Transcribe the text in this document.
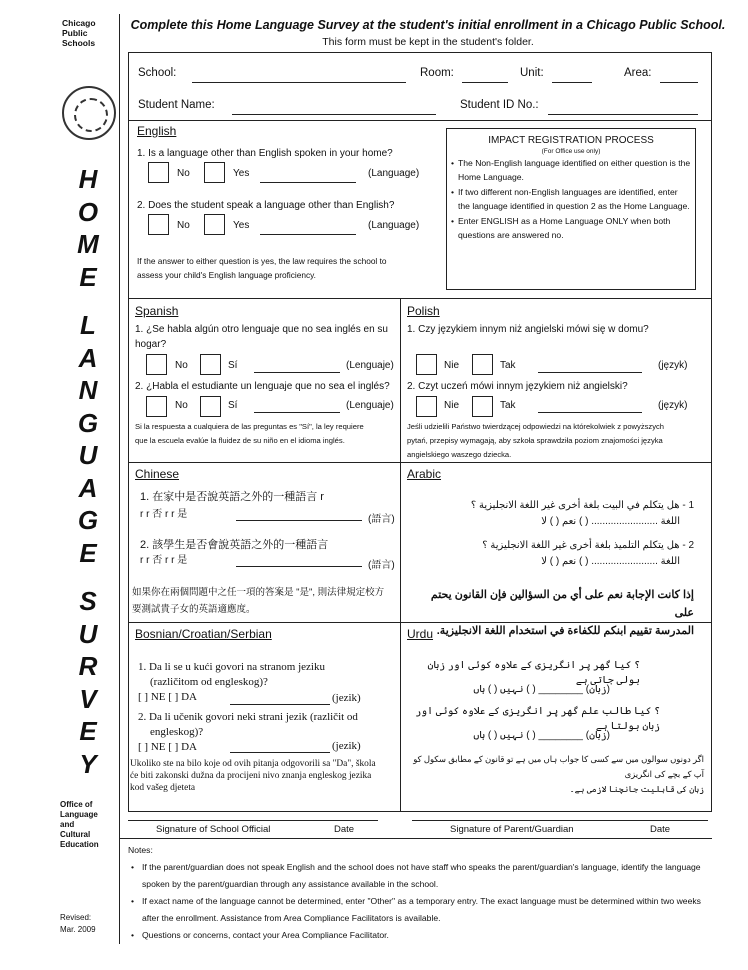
Chicago
Public
Schools
H
O
M
E
L
A
N
G
U
A
G
E
S
U
R
V
E
Y
Office of
Language
and
Cultural
Education
Revised:
Mar. 2009
Complete this Home Language Survey at the student's initial enrollment in a Chicago Public School.
This form must be kept in the student's folder.
School:	Room:	Unit:	Area:
Student Name:	Student ID No.:
English
1. Is a language other than English spoken in your home?
No	Yes	(Language)
2. Does the student speak a language other than English?
No	Yes	(Language)
If the answer to either question is yes, the law requires the school to
assess your child's English language proficiency.
IMPACT REGISTRATION PROCESS
(For Office use only)
• The Non-English language identified on either question is the Home Language.
• If two different non-English languages are identified, enter the language identified in question 2 as the Home Language.
• Enter ENGLISH as a Home Language ONLY when both questions are answered no.
Spanish
1. ¿Se habla algún otro lenguaje que no sea inglés en su hogar?
No	Sí	(Lenguaje)
2. ¿Habla el estudiante un lenguaje que no sea el inglés?
No	Sí	(Lenguaje)
Si la respuesta a cualquiera de las preguntas es "Sí", la ley requiere
que la escuela evalúe la fluidez de su niño en el idioma inglés.
Polish
1. Czy językiem innym niż angielski mówi się w domu?
Nie	Tak	(język)
2. Czyt uczeń mówi innym językiem niż angielski?
Nie	Tak	(język)
Jeśli udzielili Państwo twierdzącej odpowiedzi na którekolwiek z powyższych
pytań, przepisy wymagają, aby szkoła sprawdziła poziom znajomości języka
angielskiego waszego dziecka.
Chinese
1. 在家中是否說英語之外的一種語言 r
r r 否 r r 是	(語言)
2. 該學生是否會說英語之外的一種語言
r r 否 r r 是	(語言)
如果你在兩個問題中之任一項的答案是 "是", 則法律規定校方
要測試貴子女的英語適應度。
Arabic
1 - هل يتكلم في البيت بلغة أخرى غير اللغة الانجليزية ؟
اللغة ........................ ( ) نعم ( ) لا
2 - هل يتكلم التلميذ بلغة أخرى غير اللغة الانجليزية ؟
اللغة ........................ ( ) نعم ( ) لا
إذا كانت الإجابة نعم على أي من السؤالين فإن القانون يحتم على
المدرسة تقييم ابنكم للكفاءة في استخدام اللغة الانجليزية.
Bosnian/Croatian/Serbian
1. Da li se u kući govori na stranom jeziku
(različitom od engleskog)?
[ ] NE [ ] DA	(jezik)
2. Da li učenik govori neki strani jezik (različit od
engleskog)?
[ ] NE [ ] DA	(jezik)
Ukoliko ste na bilo koje od ovih pitanja odgovorili sa "Da", škola
će biti zakonski dužna da procijeni nivo znanja engleskog jezika
kod vašeg djeteta
Urdu
؟ کیا گھر پر انگریزی کے علاوہ کوئی اور زبان بولی جاتی ہے
(زبان) ________ ( ) نہیں ( ) ہاں
؟ کیا طالب علم گھر پر انگریزی کے علاوہ کوئی اور زبان بولتا ہے
(زبان) ________ ( ) نہیں ( ) ہاں
اگر دونوں سوالوں میں سے کسی کا جواب ہاں میں ہے تو قانون کے مطابق سکول کو آپ کے بچے کی انگریزی
زبان کی قابلیت جانچنا لازمی ہے۔
Signature of School Official	Date	Signature of Parent/Guardian	Date
Notes:
• If the parent/guardian does not speak English and the school does not have staff who speaks the parent/guardian's language, identify the language spoken by the parent/guardian through any assistance available in the school.
• If exact name of the language cannot be determined, enter "Other" as a temporary entry. The exact language must be determined within two weeks after the enrollment. Assistance from Area Compliance Facilitators is available.
• Questions or concerns, contact your Area Compliance Facilitator.
